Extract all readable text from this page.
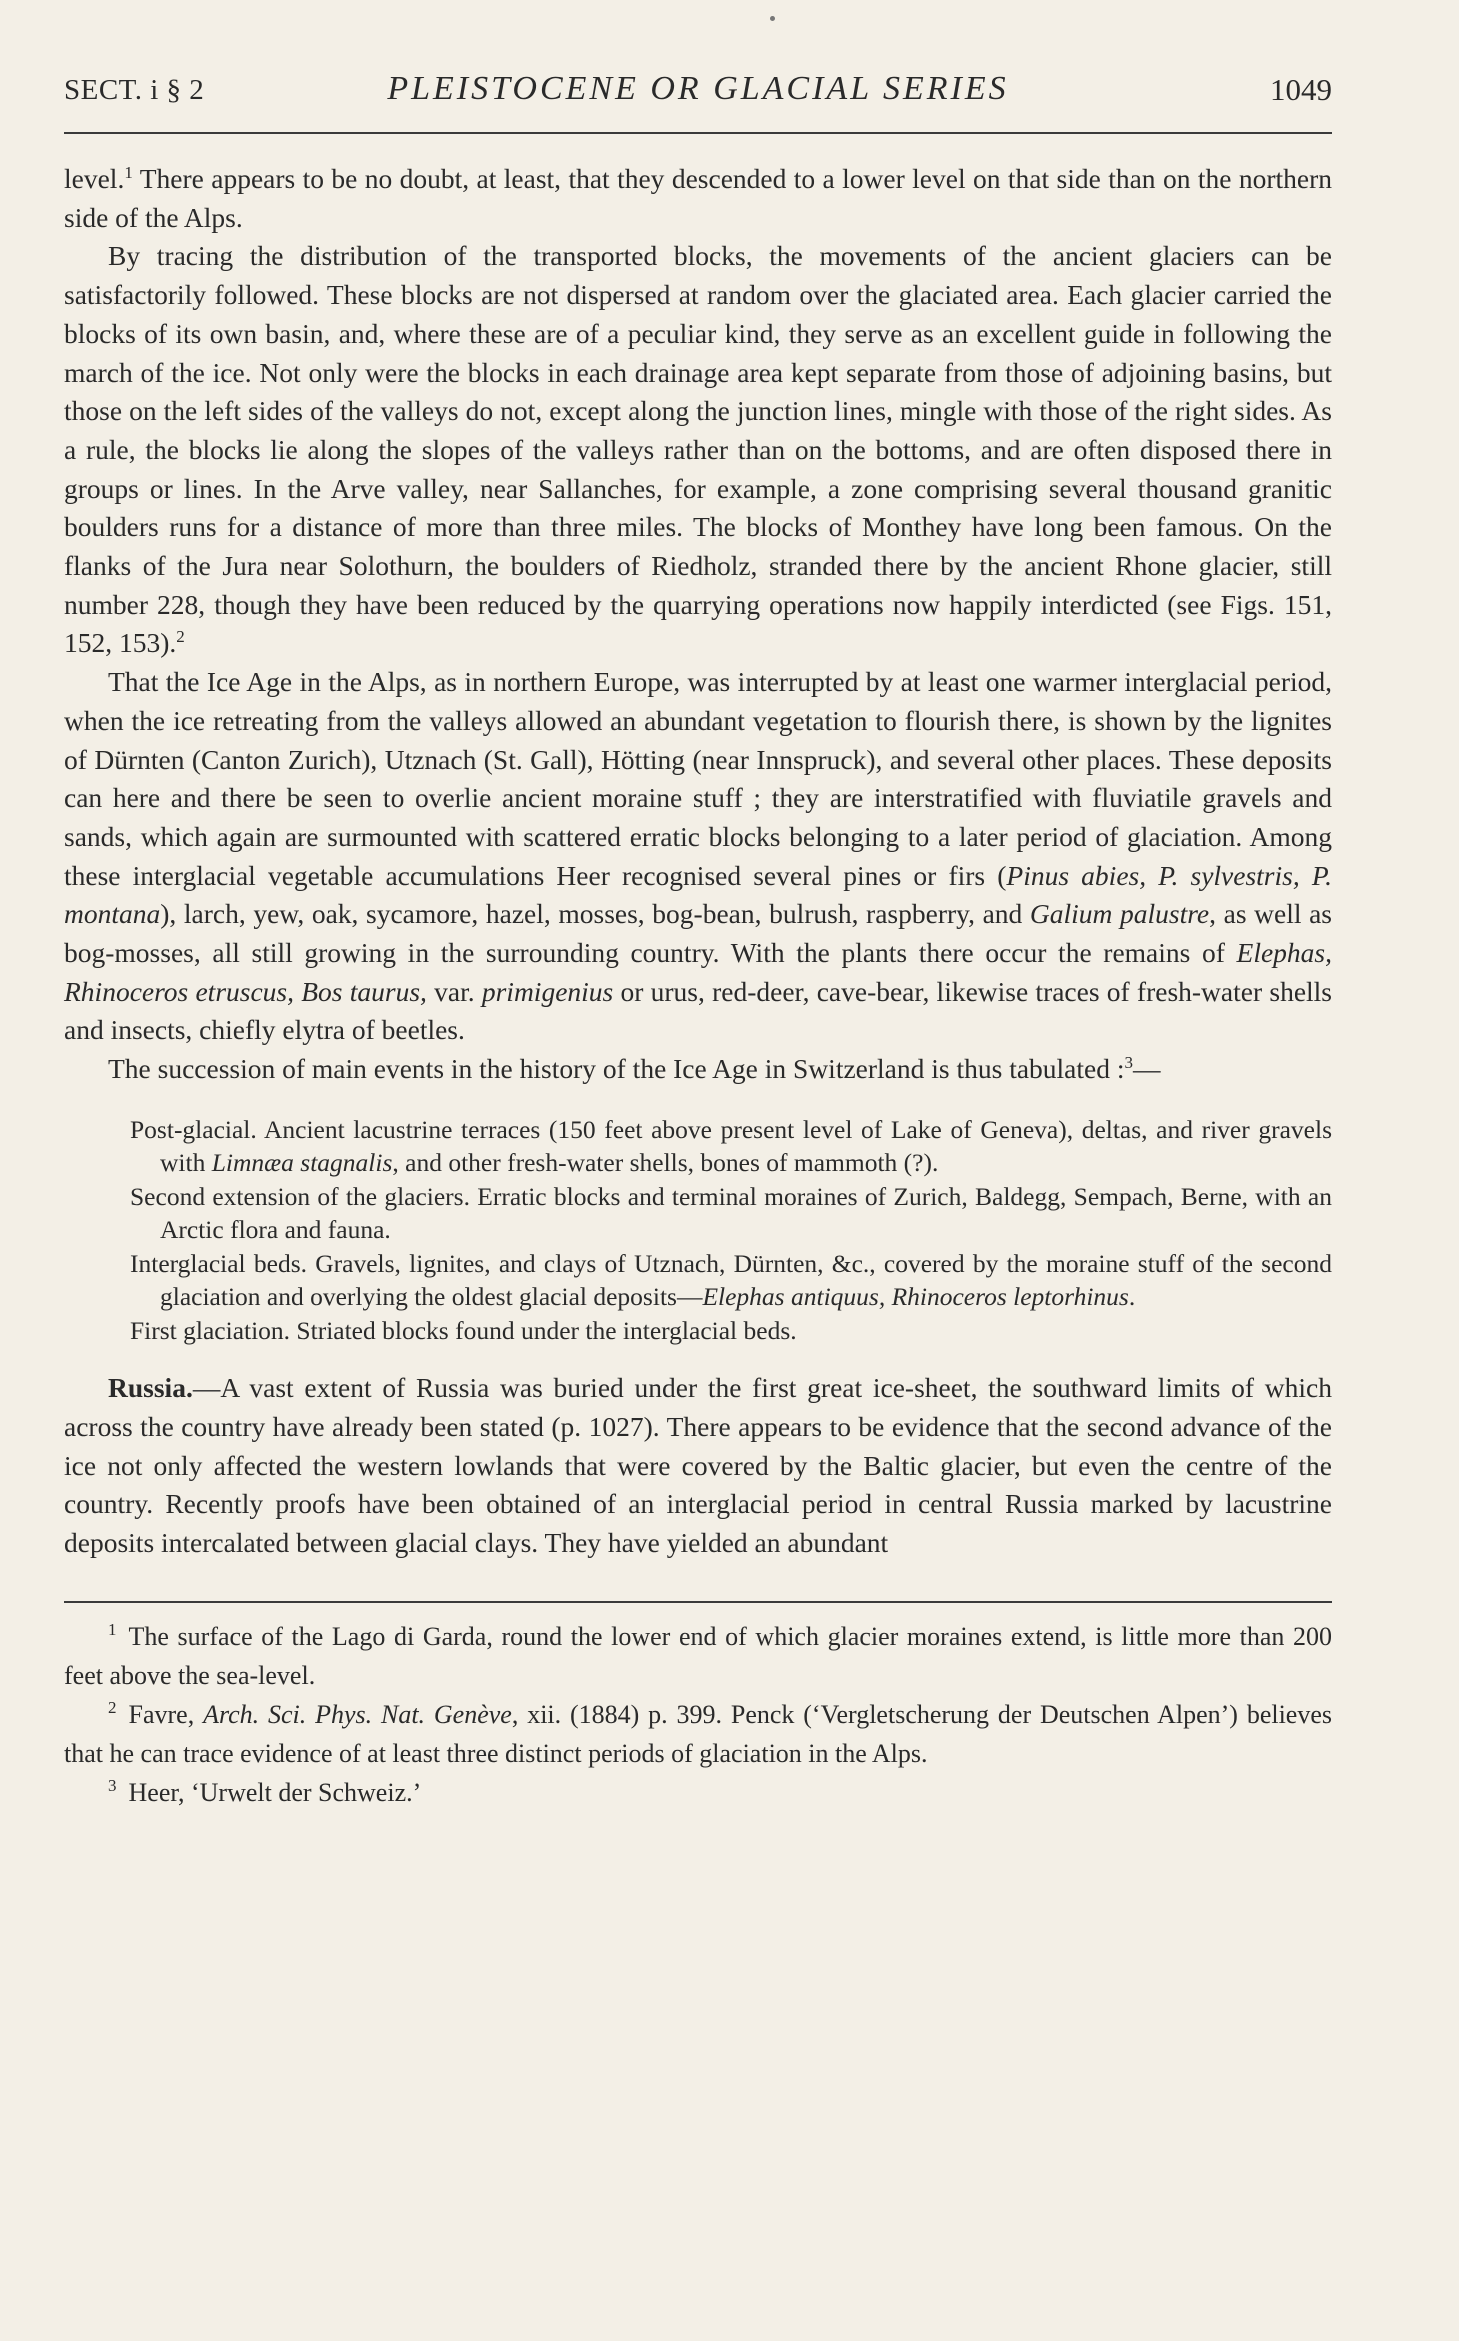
SECT. i § 2	PLEISTOCENE OR GLACIAL SERIES	1049

level.$^1$ There appears to be no doubt, at least, that they descended to a lower level on that side than on the northern side of the Alps.

By tracing the distribution of the transported blocks, the movements of the ancient glaciers can be satisfactorily followed. These blocks are not dispersed at random over the glaciated area. Each glacier carried the blocks of its own basin, and, where these are of a peculiar kind, they serve as an excellent guide in following the march of the ice. Not only were the blocks in each drainage area kept separate from those of adjoining basins, but those on the left sides of the valleys do not, except along the junction lines, mingle with those of the right sides. As a rule, the blocks lie along the slopes of the valleys rather than on the bottoms, and are often disposed there in groups or lines. In the Arve valley, near Sallanches, for example, a zone comprising several thousand granitic boulders runs for a distance of more than three miles. The blocks of Monthey have long been famous. On the flanks of the Jura near Solothurn, the boulders of Riedholz, stranded there by the ancient Rhone glacier, still number 228, though they have been reduced by the quarrying operations now happily interdicted (see Figs. 151, 152, 153).$^2$

That the Ice Age in the Alps, as in northern Europe, was interrupted by at least one warmer interglacial period, when the ice retreating from the valleys allowed an abundant vegetation to flourish there, is shown by the lignites of Dürnten (Canton Zurich), Utznach (St. Gall), Hötting (near Innspruck), and several other places. These deposits can here and there be seen to overlie ancient moraine stuff ; they are interstratified with fluviatile gravels and sands, which again are surmounted with scattered erratic blocks belonging to a later period of glaciation. Among these interglacial vegetable accumulations Heer recognised several pines or firs (Pinus abies, P. sylvestris, P. montana), larch, yew, oak, sycamore, hazel, mosses, bog-bean, bulrush, raspberry, and Galium palustre, as well as bog-mosses, all still growing in the surrounding country. With the plants there occur the remains of Elephas, Rhinoceros etruscus, Bos taurus, var. primigenius or urus, red-deer, cave-bear, likewise traces of fresh-water shells and insects, chiefly elytra of beetles.

The succession of main events in the history of the Ice Age in Switzerland is thus tabulated :$^3$—

Post-glacial. Ancient lacustrine terraces (150 feet above present level of Lake of Geneva), deltas, and river gravels with Limnæa stagnalis, and other fresh-water shells, bones of mammoth (?).

Second extension of the glaciers. Erratic blocks and terminal moraines of Zurich, Baldegg, Sempach, Berne, with an Arctic flora and fauna.

Interglacial beds. Gravels, lignites, and clays of Utznach, Dürnten, &c., covered by the moraine stuff of the second glaciation and overlying the oldest glacial deposits—Elephas antiquus, Rhinoceros leptorhinus.

First glaciation. Striated blocks found under the interglacial beds.

Russia.—A vast extent of Russia was buried under the first great ice-sheet, the southward limits of which across the country have already been stated (p. 1027). There appears to be evidence that the second advance of the ice not only affected the western lowlands that were covered by the Baltic glacier, but even the centre of the country. Recently proofs have been obtained of an interglacial period in central Russia marked by lacustrine deposits intercalated between glacial clays. They have yielded an abundant

$^1$ The surface of the Lago di Garda, round the lower end of which glacier moraines extend, is little more than 200 feet above the sea-level.

$^2$ Favre, Arch. Sci. Phys. Nat. Genève, xii. (1884) p. 399. Penck (‘Vergletscherung der Deutschen Alpen’) believes that he can trace evidence of at least three distinct periods of glaciation in the Alps.

$^3$ Heer, ‘Urwelt der Schweiz.’
